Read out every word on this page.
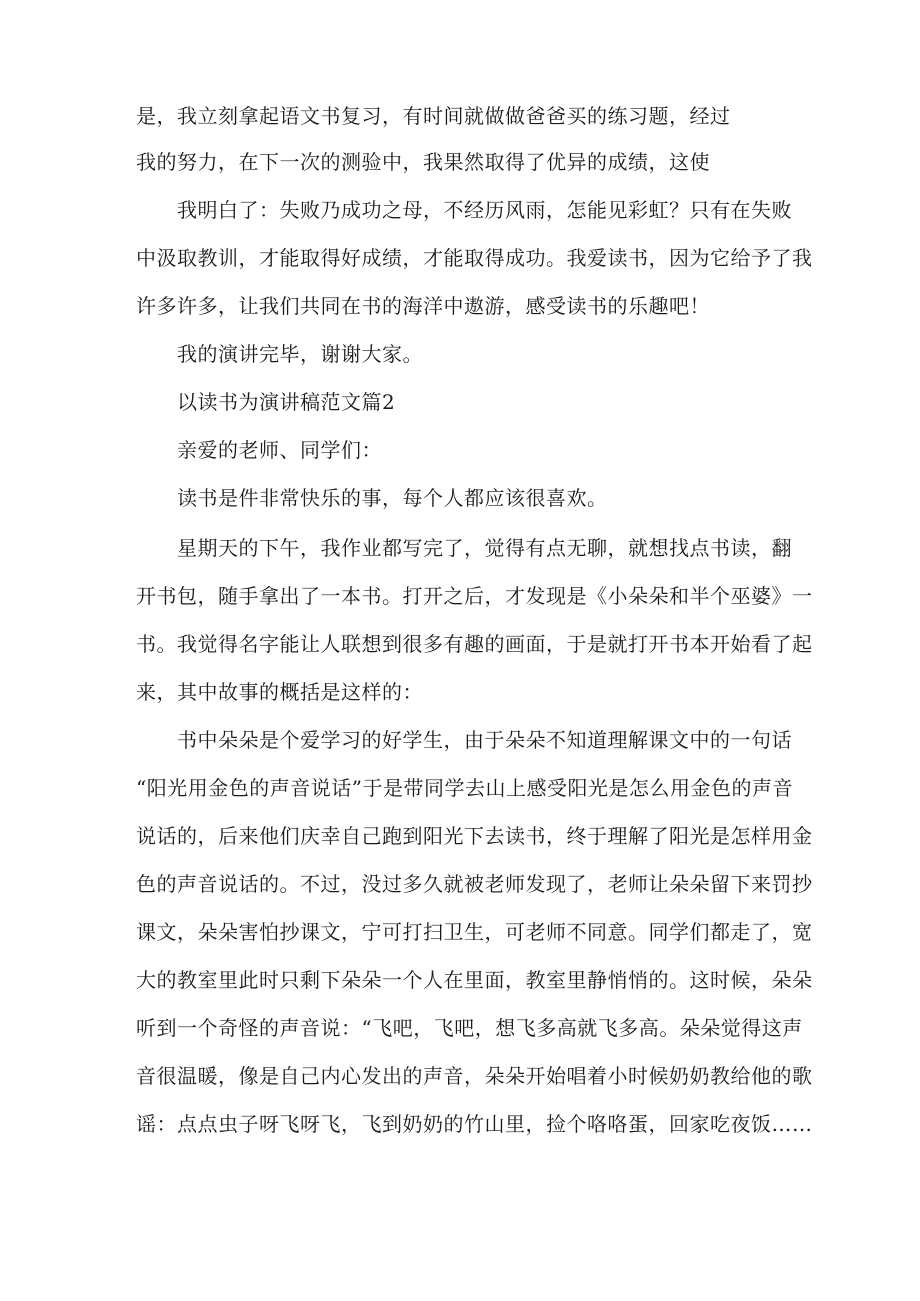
是，我立刻拿起语文书复习，有时间就做做爸爸买的练习题，经过
我的努力，在下一次的测验中，我果然取得了优异的成绩，这使
我明白了：失败乃成功之母，不经历风雨，怎能见彩虹？只有在失败
中汲取教训，才能取得好成绩，才能取得成功。我爱读书，因为它给予了我
许多许多，让我们共同在书的海洋中遨游，感受读书的乐趣吧！
我的演讲完毕，谢谢大家。
以读书为演讲稿范文篇2
亲爱的老师、同学们：
读书是件非常快乐的事，每个人都应该很喜欢。
星期天的下午，我作业都写完了，觉得有点无聊，就想找点书读，翻
开书包，随手拿出了一本书。打开之后，才发现是《小朵朵和半个巫婆》一
书。我觉得名字能让人联想到很多有趣的画面，于是就打开书本开始看了起
来，其中故事的概括是这样的：
书中朵朵是个爱学习的好学生，由于朵朵不知道理解课文中的一句话
“阳光用金色的声音说话”于是带同学去山上感受阳光是怎么用金色的声音
说话的，后来他们庆幸自己跑到阳光下去读书，终于理解了阳光是怎样用金
色的声音说话的。不过，没过多久就被老师发现了，老师让朵朵留下来罚抄
课文，朵朵害怕抄课文，宁可打扫卫生，可老师不同意。同学们都走了，宽
大的教室里此时只剩下朵朵一个人在里面，教室里静悄悄的。这时候，朵朵
听到一个奇怪的声音说：“飞吧，飞吧，想飞多高就飞多高。朵朵觉得这声
音很温暖，像是自己内心发出的声音，朵朵开始唱着小时候奶奶教给他的歌
谣：点点虫子呀飞呀飞，飞到奶奶的竹山里，捡个咯咯蛋，回家吃夜饭……
